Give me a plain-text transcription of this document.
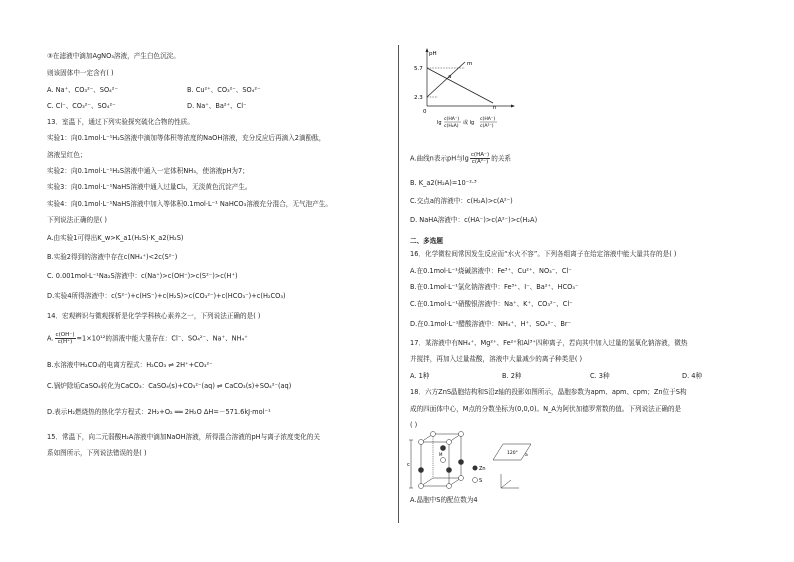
③在滤液中滴加AgNO₃溶液，产生白色沉淀。
则该固体中一定含有( )
A. Na⁺、CO₃²⁻、SO₄²⁻	B. Cu²⁺、CO₃²⁻、SO₄²⁻
C. Cl⁻、CO₃²⁻、SO₄²⁻	D. Na⁺、Ba²⁺、Cl⁻
13．室温下，通过下列实验探究硫化合物的性质。
实验1：向0.1mol·L⁻¹H₂S溶液中滴加等体积等浓度的NaOH溶液，充分反应后再滴入2滴酚酞，
溶液呈红色；
实验2：向0.1mol·L⁻¹H₂S溶液中通入一定体积NH₃，使溶液pH为7；
实验3：向0.1mol·L⁻¹NaHS溶液中通入过量Cl₂，无淡黄色沉淀产生。
实验4：向0.1mol·L⁻¹NaHS溶液中加入等体积0.1mol·L⁻¹ NaHCO₃溶液充分混合，无气泡产生。
下列说法正确的是( )
A.由实验1可得出K_w>K_a1(H₂S)·K_a2(H₂S)
B.实验2得到的溶液中存在c(NH₄⁺)<2c(S²⁻)
C. 0.001mol·L⁻¹Na₂S溶液中：c(Na⁺)>c(OH⁻)>c(S²⁻)>c(H⁺)
D.实验4所得溶液中：c(S²⁻)+c(HS⁻)+c(H₂S)>c(CO₃²⁻)+c(HCO₃⁻)+c(H₂CO₃)
14．宏观辨识与微观探析是化学学科核心素养之一，下列说法正确的是( )
A. $\frac{c(OH^-)}{c(H^+)} =1\times 10^{12}$的溶液中能大量存在：Cl⁻、SO₄²⁻、Na⁺、NH₄⁺
B.水溶液中H₂CO₃的电离方程式：H₂CO₃ ⇌ 2H⁺+CO₃²⁻
C.锅炉除垢CaSO₄转化为CaCO₃：CaSO₄(s)+CO₃²⁻(aq) ⇌ CaCO₃(s)+SO₄²⁻(aq)
D.表示H₂燃烧热的热化学方程式：2H₂+O₂ ══ 2H₂O ΔH=－571.6kJ·mol⁻¹
15．常温下，向二元弱酸H₂A溶液中滴加NaOH溶液，所得混合溶液的pH与离子浓度变化的关
系如图所示，下列说法错误的是( )
pH
5.7
2.3
0
m
n
a
lg
c(HA⁻)
c(H₂A)
或 lg
c(HA⁻)
c(A²⁻)
A.曲线n表示pH与$\lg \frac{c(HA^-)}{\text{c(A²⁻)}}$ 的关系
B. K_a2(H₂A)=10⁻²·³
C.交点a的溶液中：c(H₂A)>c(A²⁻)
D. NaHA溶液中：c(HA⁻)>c(A²⁻)>c(H₂A)
二、多选题
16．化学微粒间常因发生反应而“水火不容”。下列各组离子在给定溶液中能大量共存的是( )
A.在0.1mol·L⁻¹烧碱溶液中：Fe³⁺、Cu²⁺、NO₃⁻、Cl⁻
B.在0.1mol·L⁻¹氯化钠溶液中：Fe³⁺、I⁻、Ba²⁺、HCO₃⁻
C.在0.1mol·L⁻¹硝酸银溶液中：Na⁺、K⁺、CO₃²⁻、Cl⁻
D.在0.1mol·L⁻¹醋酸溶液中：NH₄⁺、H⁺、SO₄²⁻、Br⁻
17．某溶液中有NH₄⁺、Mg²⁺、Fe²⁺和Al³⁺四种离子，若向其中加入过量的氢氧化钠溶液，微热
并搅拌，再加入过量盐酸，溶液中大量减少的离子种类是( )
A. 1种	B. 2种	C. 3种	D. 4种
18．六方ZnS晶胞结构和S沿z轴的投影如图所示，晶胞参数为apm、apm、cpm；Zn位于S构
成的四面体中心，M点的分数坐标为(0,0,0)。N_A为阿伏加德罗常数的值。下列说法正确的是
( )
c
M
Zn
S
120° a
A.晶胞中S的配位数为4
